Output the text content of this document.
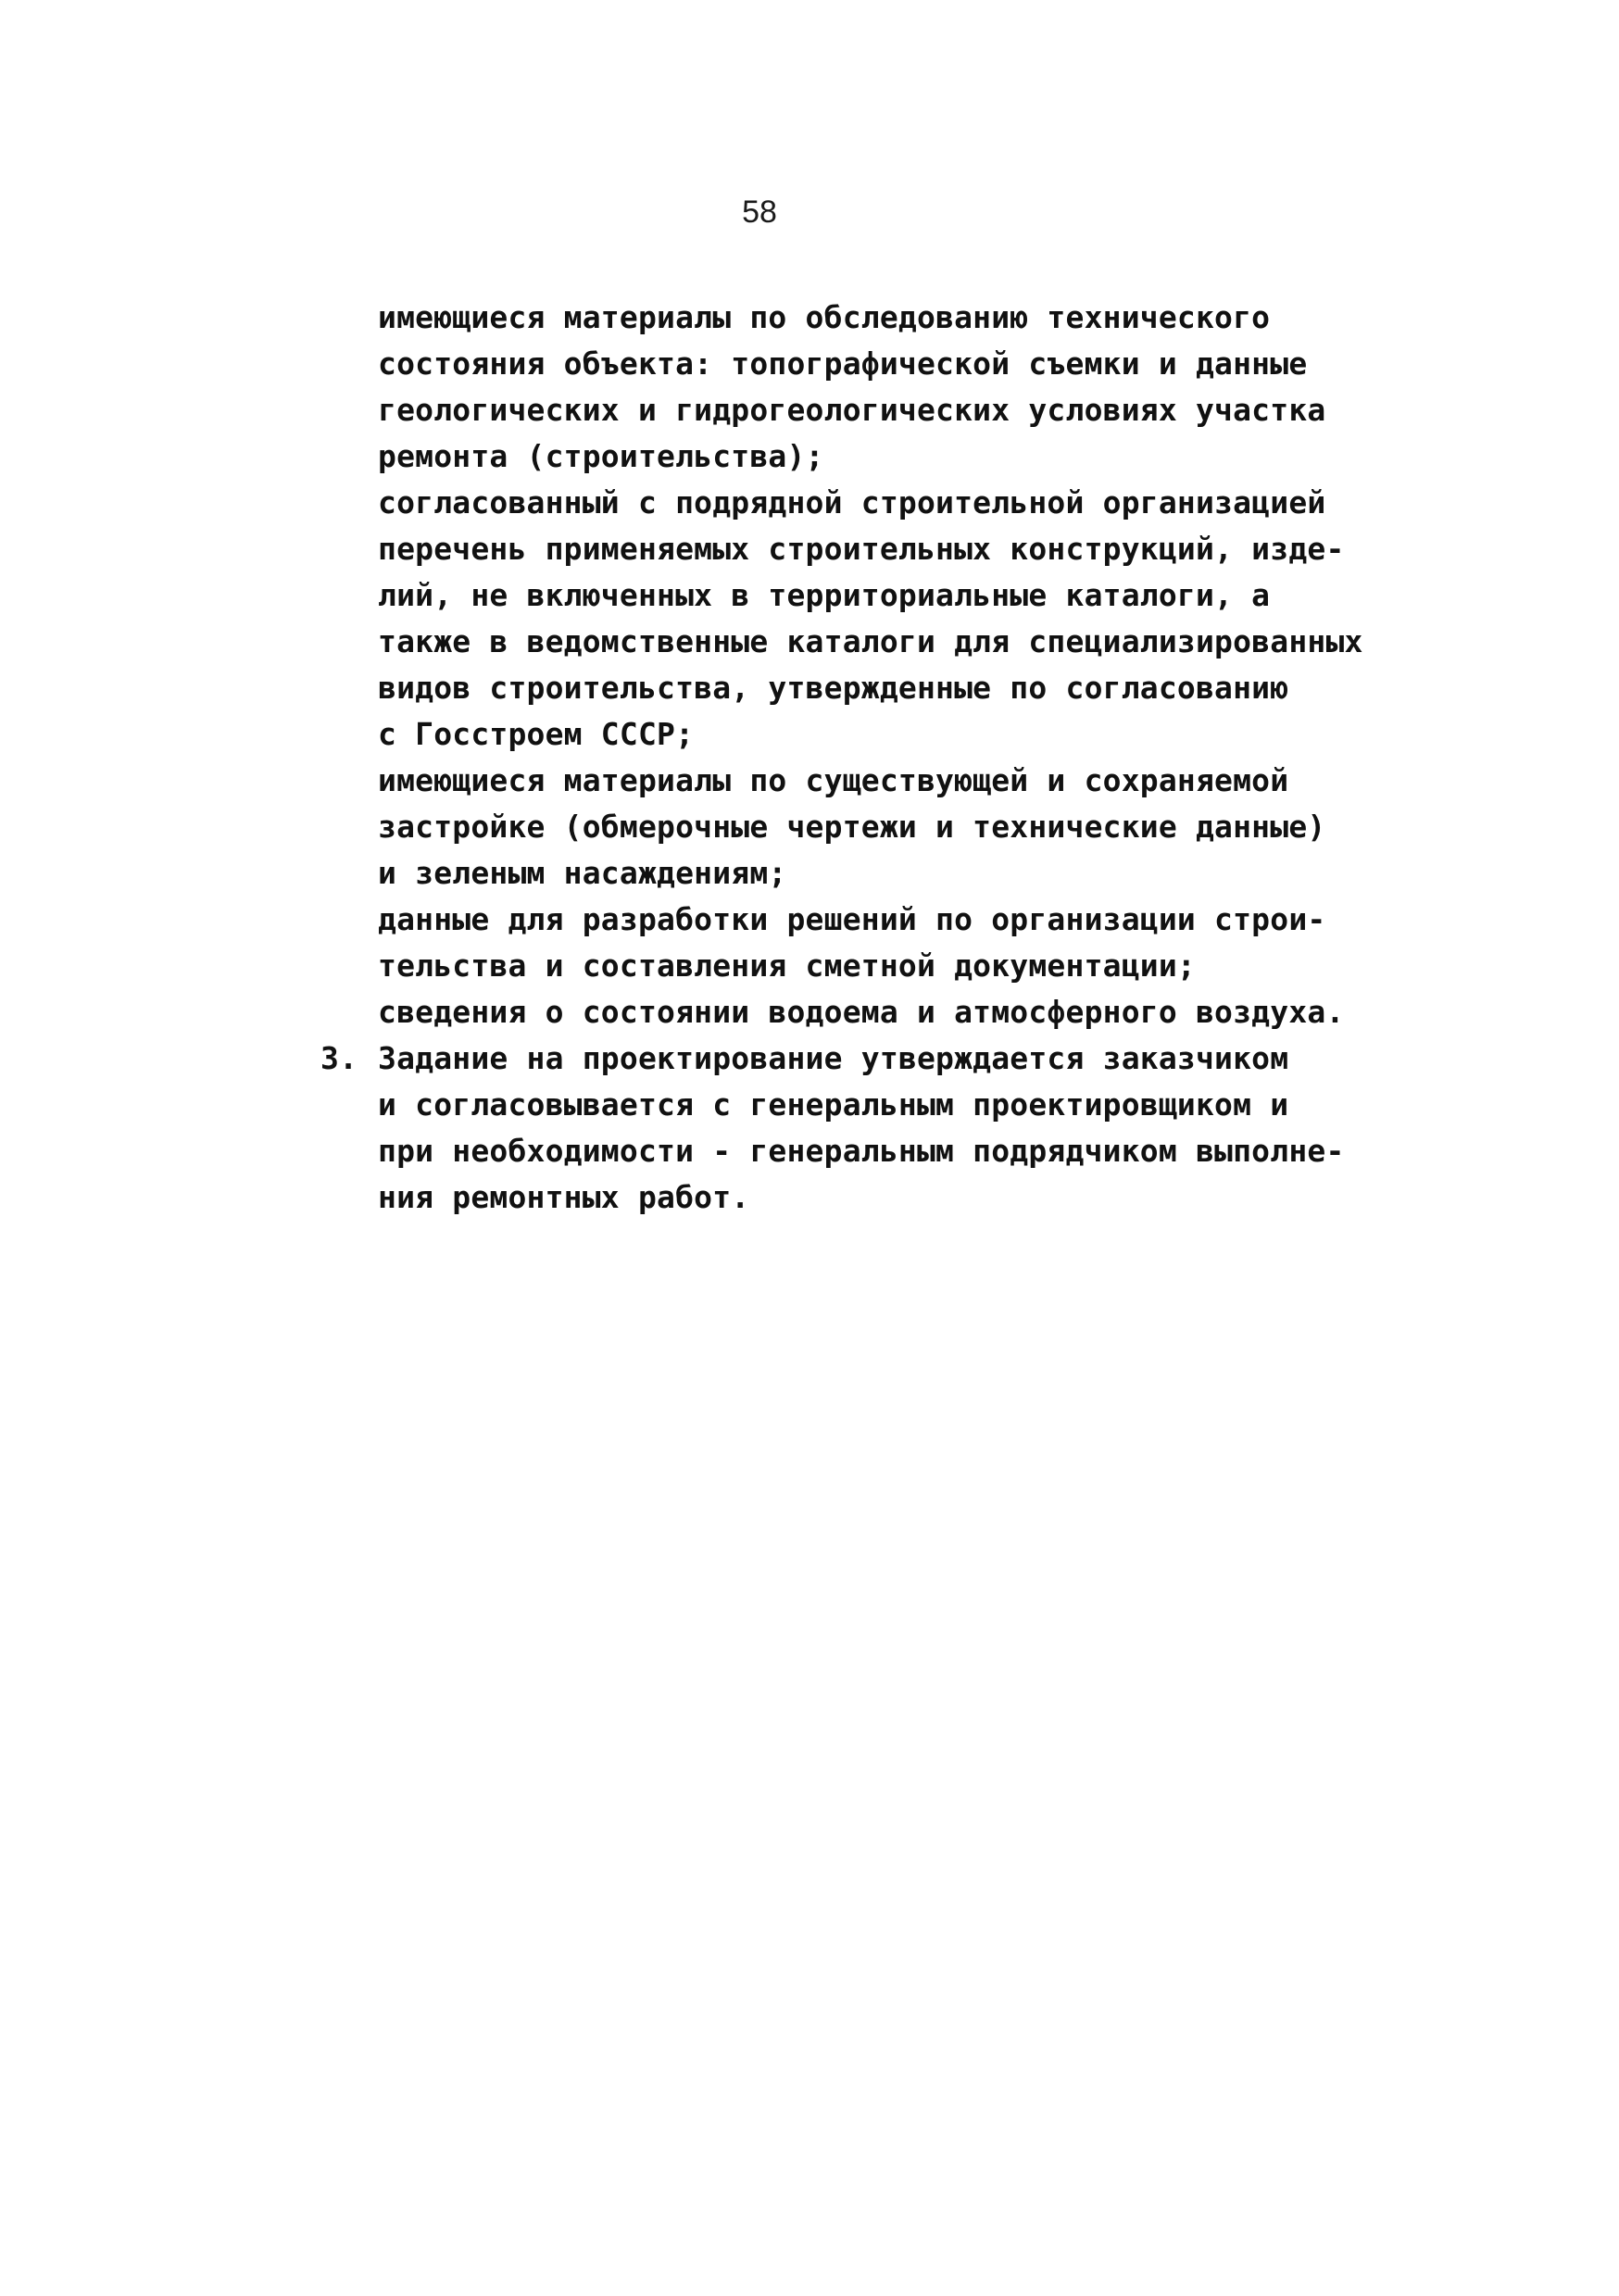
58
имеющиеся материалы по обследованию технического
состояния объекта: топографической съемки и данные
геологических и гидрогеологических условиях участка
ремонта (строительства);
согласованный с подрядной строительной организацией
перечень применяемых строительных конструкций, изде-
лий, не включенных в территориальные каталоги, а
также в ведомственные каталоги для специализированных
видов строительства, утвержденные по согласованию
с Госстроем СССР;
имеющиеся материалы по существующей и сохраняемой
застройке (обмерочные чертежи и технические данные)
и зеленым насаждениям;
данные для разработки решений по организации строи-
тельства и составления сметной документации;
сведения о состоянии водоема и атмосферного воздуха.
3. Задание на проектирование утверждается заказчиком
и согласовывается с генеральным проектировщиком и
при необходимости - генеральным подрядчиком выполне-
ния ремонтных работ.
